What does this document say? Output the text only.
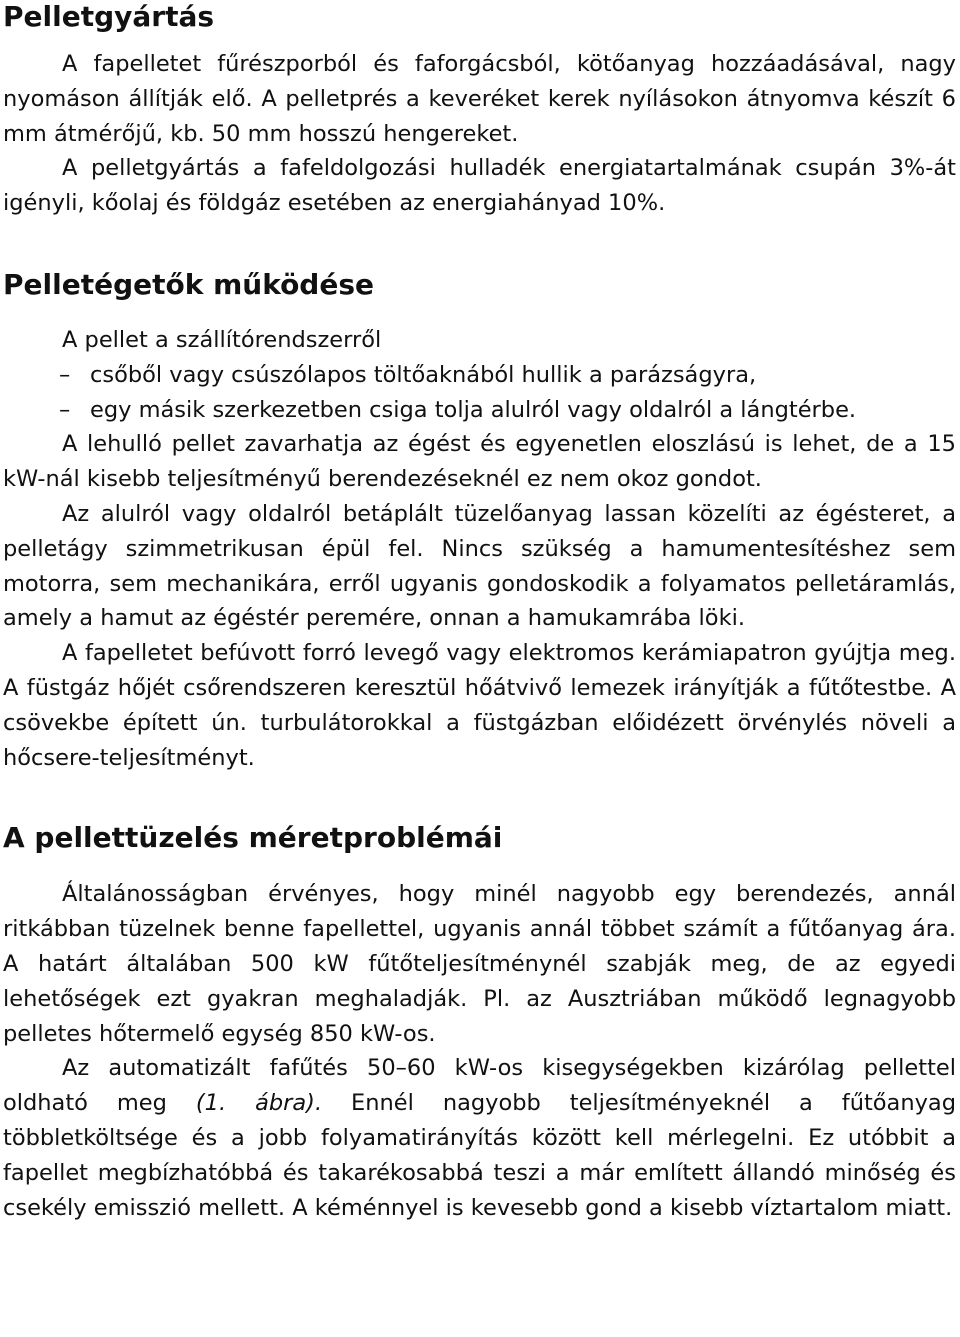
Pelletgyártás

A fapelletet fűrészporból és faforgácsból, kötőanyag hozzáadásával, nagy nyomáson állítják elő. A pelletprés a keveréket kerek nyílásokon átnyomva készít 6 mm átmérőjű, kb. 50 mm hosszú hengereket.

A pelletgyártás a fafeldolgozási hulladék energiatartalmának csupán 3%-át igényli, kőolaj és földgáz esetében az energiahányad 10%.

Pelletégetők működése

A pellet a szállítórendszerről

– csőből vagy csúszólapos töltőaknából hullik a parázságyra,
– egy másik szerkezetben csiga tolja alulról vagy oldalról a lángtérbe.

A lehulló pellet zavarhatja az égést és egyenetlen eloszlású is lehet, de a 15 kW-nál kisebb teljesítményű berendezéseknél ez nem okoz gondot.

Az alulról vagy oldalról betáplált tüzelőanyag lassan közelíti az égésteret, a pelletágy szimmetrikusan épül fel. Nincs szükség a hamumentesítéshez sem motorra, sem mechanikára, erről ugyanis gondoskodik a folyamatos pelletáramlás, amely a hamut az égéstér peremére, onnan a hamukamrába löki.

A fapelletet befúvott forró levegő vagy elektromos kerámiapatron gyújtja meg. A füstgáz hőjét csőrendszeren keresztül hőátvivő lemezek irányítják a fűtőtestbe. A csövekbe épített ún. turbulátorokkal a füstgázban előidézett örvénylés növeli a hőcsere-teljesítményt.

A pellettüzelés méretproblémái

Általánosságban érvényes, hogy minél nagyobb egy berendezés, annál ritkábban tüzelnek benne fapellettel, ugyanis annál többet számít a fűtőanyag ára. A határt általában 500 kW fűtőteljesítménynél szabják meg, de az egyedi lehetőségek ezt gyakran meghaladják. Pl. az Ausztriában működő legnagyobb pelletes hőtermelő egység 850 kW-os.

Az automatizált fafűtés 50–60 kW-os kisegységekben kizárólag pellettel oldható meg (1. ábra). Ennél nagyobb teljesítményeknél a fűtőanyag többletköltsége és a jobb folyamatirányítás között kell mérlegelni. Ez utóbbit a fapellet megbízhatóbbá és takarékosabbá teszi a már említett állandó minőség és csekély emisszió mellett. A kéménnyel is kevesebb gond a kisebb víztartalom miatt.
